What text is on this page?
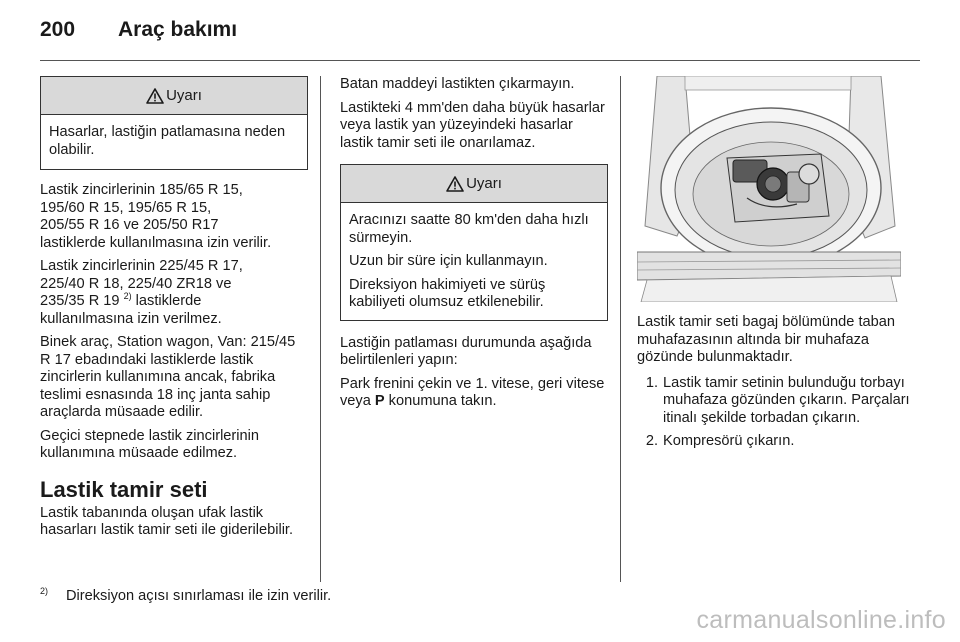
200 Araç bakımı
Uyarı

Hasarlar, lastiğin patlamasına neden olabilir.

Lastik zincirlerinin 185/65 R 15,
195/60 R 15, 195/65 R 15,
205/55 R 16 ve 205/50 R17
lastiklerde kullanılmasına izin verilir.

Lastik zincirlerinin 225/45 R 17,
225/40 R 18, 225/40 ZR18 ve
235/35 R 19 $^{2)}$ lastiklerde
kullanılmasına izin verilmez.

Binek araç, Station wagon, Van: 215/45 R 17 ebadındaki lastiklerde lastik zincirlerin kullanımına ancak, fabrika teslimi esnasında 18 inç janta sahip araçlarda müsaade edilir.

Geçici stepnede lastik zincirlerinin kullanımına müsaade edilmez.

Lastik tamir seti

Lastik tabanında oluşan ufak lastik hasarları lastik tamir seti ile giderilebilir.

Batan maddeyi lastikten çıkarmayın.

Lastikteki 4 mm'den daha büyük hasarlar veya lastik yan yüzeyindeki hasarlar lastik tamir seti ile onarılamaz.

Uyarı

Aracınızı saatte 80 km'den daha hızlı sürmeyin.

Uzun bir süre için kullanmayın.

Direksiyon hakimiyeti ve sürüş kabiliyeti olumsuz etkilenebilir.

Lastiğin patlaması durumunda aşağıda belirtilenleri yapın:

Park frenini çekin ve 1. vitese, geri vitese veya P konumuna takın.

Lastik tamir seti bagaj bölümünde taban muhafazasının altında bir muhafaza gözünde bulunmaktadır.

1. Lastik tamir setinin bulunduğu torbayı muhafaza gözünden çıkarın. Parçaları itinalı şekilde torbadan çıkarın.
2. Kompresörü çıkarın.
2)	Direksiyon açısı sınırlaması ile izin verilir.
carmanualsonline.info
